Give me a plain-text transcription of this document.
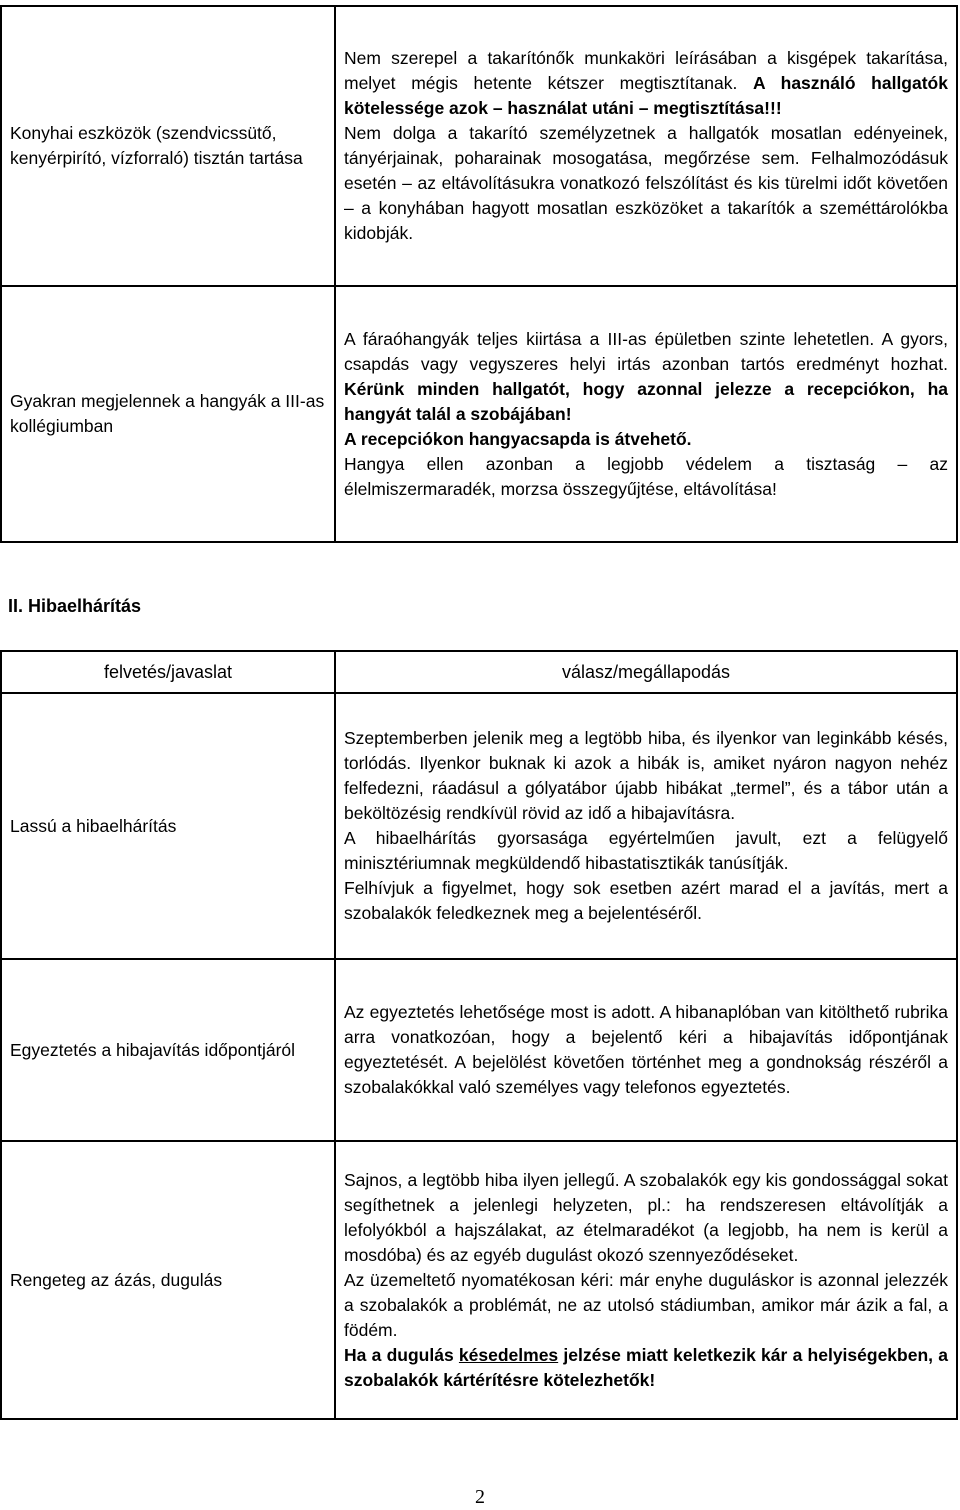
Konyhai eszközök (szendvicssütő, kenyérpirító, vízforraló) tisztán tartása	Nem szerepel a takarítónők munkaköri leírásában a kisgépek takarítása, melyet mégis hetente kétszer megtisztítanak. A használó hallgatók kötelessége azok – használat utáni – megtisztítása!!!

Nem dolga a takarító személyzetnek a hallgatók mosatlan edényeinek, tányérjainak, poharainak mosogatása, megőrzése sem. Felhalmozódásuk esetén – az eltávolításukra vonatkozó felszólítást és kis türelmi időt követően – a konyhában hagyott mosatlan eszközöket a takarítók a szeméttárolókba kidobják.

Gyakran megjelennek a hangyák a III-as kollégiumban	A fáraóhangyák teljes kiirtása a III-as épületben szinte lehetetlen. A gyors, csapdás vagy vegyszeres helyi irtás azonban tartós eredményt hozhat. Kérünk minden hallgatót, hogy azonnal jelezze a recepciókon, ha hangyát talál a szobájában!

A recepciókon hangyacsapda is átvehető.

Hangya ellen azonban a legjobb védelem a tisztaság – az élelmiszermaradék, morzsa összegyűjtése, eltávolítása!

II. Hibaelhárítás
felvetés/javaslat	válasz/megállapodás
Lassú a hibaelhárítás	Szeptemberben jelenik meg a legtöbb hiba, és ilyenkor van leginkább késés, torlódás. Ilyenkor buknak ki azok a hibák is, amiket nyáron nagyon nehéz felfedezni, ráadásul a gólyatábor újabb hibákat „termel”, és a tábor után a beköltözésig rendkívül rövid az idő a hibajavításra.

A hibaelhárítás gyorsasága egyértelműen javult, ezt a felügyelő minisztériumnak megküldendő hibastatisztikák tanúsítják.

Felhívjuk a figyelmet, hogy sok esetben azért marad el a javítás, mert a szobalakók feledkeznek meg a bejelentéséről.

Egyeztetés a hibajavítás időpontjáról	Az egyeztetés lehetősége most is adott. A hibanaplóban van kitölthető rubrika arra vonatkozóan, hogy a bejelentő kéri a hibajavítás időpontjának egyeztetését. A bejelölést követően történhet meg a gondnokság részéről a szobalakókkal való személyes vagy telefonos egyeztetés.

Rengeteg az ázás, dugulás	Sajnos, a legtöbb hiba ilyen jellegű. A szobalakók egy kis gondossággal sokat segíthetnek a jelenlegi helyzeten, pl.: ha rendszeresen eltávolítják a lefolyókból a hajszálakat, az ételmaradékot (a legjobb, ha nem is kerül a mosdóba) és az egyéb dugulást okozó szennyeződéseket.

Az üzemeltető nyomatékosan kéri: már enyhe duguláskor is azonnal jelezzék a szobalakók a problémát, ne az utolsó stádiumban, amikor már ázik a fal, a födém.

Ha a dugulás késedelmes jelzése miatt keletkezik kár a helyiségekben, a szobalakók kártérítésre kötelezhetők!

2
